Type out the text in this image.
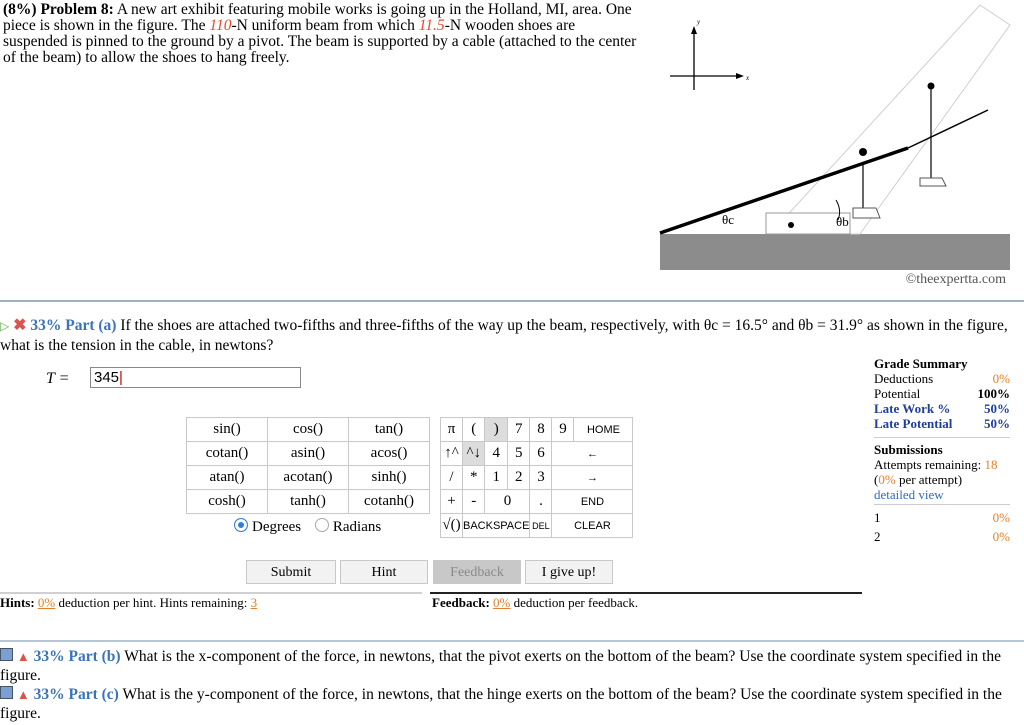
(8%) Problem 8: A new art exhibit featuring mobile works is going up in the Holland, MI, area. One piece is shown in the figure. The 110-N uniform beam from which 11.5-N wooden shoes are suspended is pinned to the ground by a pivot. The beam is supported by a cable (attached to the center of the beam) to allow the shoes to hang freely.
y
x
θc	θb
©theexpertta.com
▷ ✖ 33% Part (a) If the shoes are attached two-fifths and three-fifths of the way up the beam, respectively, with θc = 16.5° and θb = 31.9° as shown in the figure, what is the tension in the cable, in newtons?
T = 345|
sin()	cos()	tan()
cotan()	asin()	acos()
atan()	acotan()	sinh()
cosh()	tanh()	cotanh()
π	(	)	7	8	9	HOME
↑^	^↓	4	5	6	←	
/	*	1	2	3	→	
+	-	0		.	END	
√()	BACKSPACE			DEL	CLEAR	
Degrees Radians
Submit	Hint	Feedback	I give up!
Hints: 0% deduction per hint. Hints remaining: 3	Feedback: 0% deduction per feedback.
Grade Summary
Deductions	0%
Potential	100%
Late Work %	50%
Late Potential 50%
Submissions
Attempts remaining: 18
(0% per attempt)
detailed view
1	0%
2	0%
▲ 33% Part (b) What is the x-component of the force, in newtons, that the pivot exerts on the bottom of the beam? Use the coordinate system specified in the figure.
▲ 33% Part (c) What is the y-component of the force, in newtons, that the hinge exerts on the bottom of the beam? Use the coordinate system specified in the figure.
